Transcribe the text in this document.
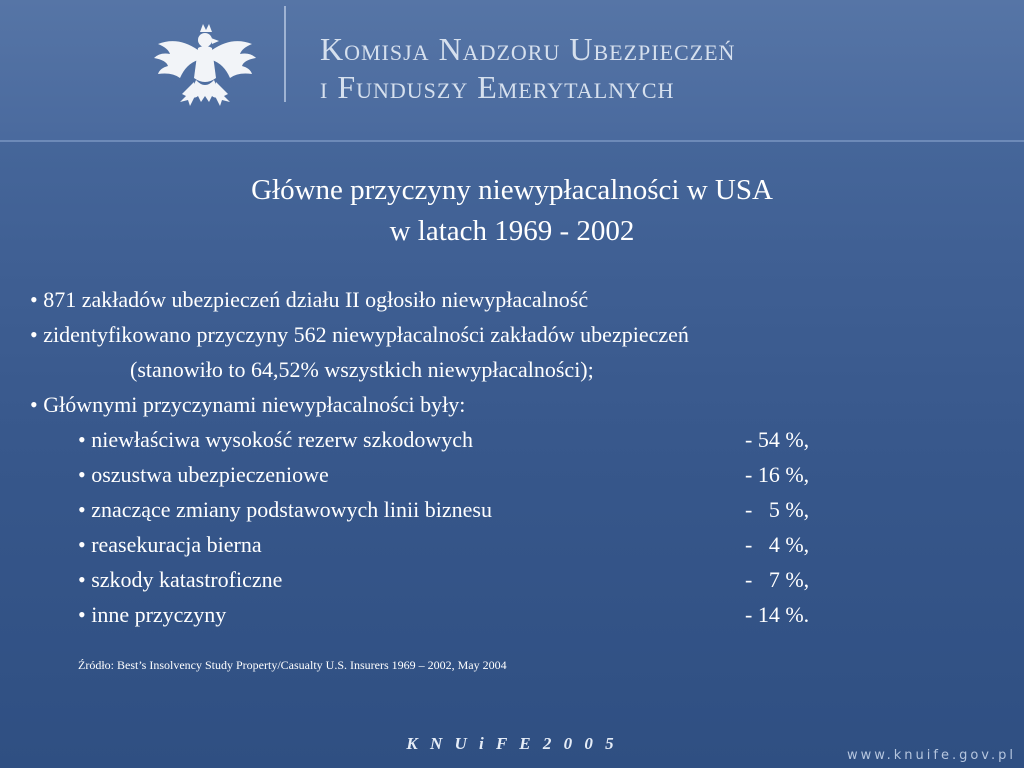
Komisja Nadzoru Ubezpieczeń
i Funduszy Emerytalnych
Główne przyczyny niewypłacalności w USA
w latach 1969 - 2002
• 871 zakładów ubezpieczeń działu II ogłosiło niewypłacalność
• zidentyfikowano przyczyny 562 niewypłacalności zakładów ubezpieczeń
(stanowiło to 64,52% wszystkich niewypłacalności);
• Głównymi przyczynami niewypłacalności były:
• niewłaściwa wysokość rezerw szkodowych	- 54 %,
• oszustwa ubezpieczeniowe	- 16 %,
• znaczące zmiany podstawowych linii biznesu	-   5 %,
• reasekuracja bierna	-   4 %,
• szkody katastroficzne	-   7 %,
• inne przyczyny	- 14 %.
Źródło: Best’s Insolvency Study Property/Casualty U.S. Insurers 1969 – 2002, May 2004
K N U i F E 2 0 0 5
www.knuife.gov.pl
